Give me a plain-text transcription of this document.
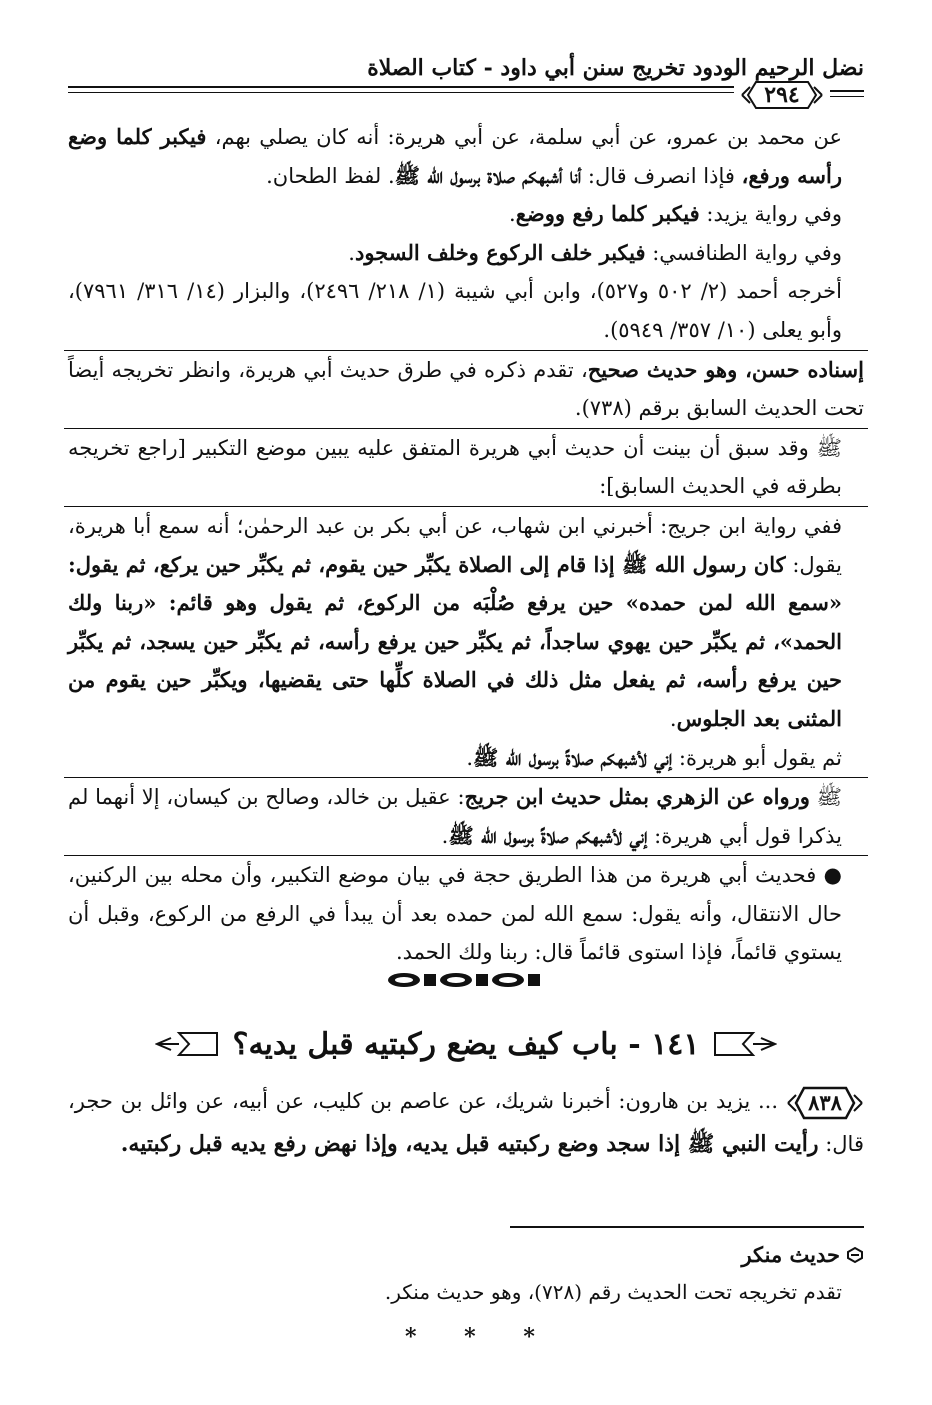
نضل الرحيم الودود تخريج سنن أبي داود - كتاب الصلاة
٢٩٤

عن محمد بن عمرو، عن أبي سلمة، عن أبي هريرة: أنه كان يصلي بهم، فيكبر كلما وضع رأسه ورفع، فإذا انصرف قال: أنا أشبهكم صلاة برسول الله ﷺ. لفظ الطحان.

وفي رواية يزيد: فيكبر كلما رفع ووضع.

وفي رواية الطنافسي: فيكبر خلف الركوع وخلف السجود.

أخرجه أحمد (٢/ ٥٠٢ و٥٢٧)، وابن أبي شيبة (١/ ٢١٨/ ٢٤٩٦)، والبزار (١٤/ ٣١٦/ ٧٩٦١)، وأبو يعلى (١٠/ ٣٥٧/ ٥٩٤٩).

إسناده حسن، وهو حديث صحيح، تقدم ذكره في طرق حديث أبي هريرة، وانظر تخريجه أيضاً تحت الحديث السابق برقم (٧٣٨).

ﷺ وقد سبق أن بينت أن حديث أبي هريرة المتفق عليه يبين موضع التكبير [راجع تخريجه بطرقه في الحديث السابق]:

ففي رواية ابن جريج: أخبرني ابن شهاب، عن أبي بكر بن عبد الرحمٰن؛ أنه سمع أبا هريرة، يقول: كان رسول الله ﷺ إذا قام إلى الصلاة يكبِّر حين يقوم، ثم يكبِّر حين يركع، ثم يقول: «سمع الله لمن حمده» حين يرفع صُلْبَه من الركوع، ثم يقول وهو قائم: «ربنا ولك الحمد»، ثم يكبِّر حين يهوي ساجداً، ثم يكبِّر حين يرفع رأسه، ثم يكبِّر حين يسجد، ثم يكبِّر حين يرفع رأسه، ثم يفعل مثل ذلك في الصلاة كلِّها حتى يقضيها، ويكبِّر حين يقوم من المثنى بعد الجلوس.

ثم يقول أبو هريرة: إني لأشبهكم صلاةً برسول الله ﷺ.

ﷺ ورواه عن الزهري بمثل حديث ابن جريج: عقيل بن خالد، وصالح بن كيسان، إلا أنهما لم يذكرا قول أبي هريرة: إني لأشبهكم صلاةً برسول الله ﷺ.

● فحديث أبي هريرة من هذا الطريق حجة في بيان موضع التكبير، وأن محله بين الركنين، حال الانتقال، وأنه يقول: سمع الله لمن حمده بعد أن يبدأ في الرفع من الركوع، وقبل أن يستوي قائماً، فإذا استوى قائماً قال: ربنا ولك الحمد.

١٤١ - باب كيف يضع ركبتيه قبل يديه؟
٨٣٨
... يزيد بن هارون: أخبرنا شريك، عن عاصم بن كليب، عن أبيه، عن وائل بن حجر، قال: رأيت النبي ﷺ إذا سجد وضع ركبتيه قبل يديه، وإذا نهض رفع يديه قبل ركبتيه.
حديث منكر
تقدم تخريجه تحت الحديث رقم (٧٢٨)، وهو حديث منكر.
* * *
